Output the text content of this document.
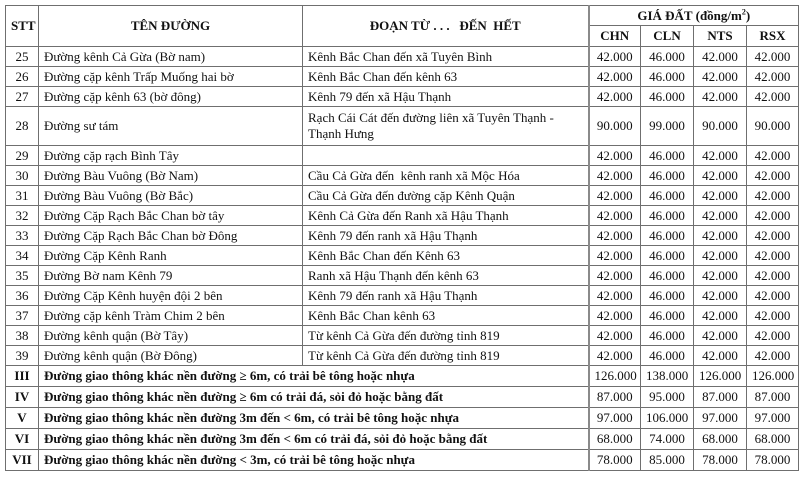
STT	TÊN ĐƯỜNG	ĐOẠN TỪ . . .   ĐẾN  HẾT	GIÁ ĐẤT $(đồng/m^2)$			
			CHN	CLN	NTS	RSX
25	Đường kênh Cả Gừa (Bờ nam)	Kênh Bắc Chan đến xã Tuyên Bình	42.000	46.000	42.000	42.000
26	Đường cặp kênh Trấp Muống hai bờ	Kênh Bắc Chan đến kênh 63	42.000	46.000	42.000	42.000
27	Đường cặp kênh 63 (bờ đông)	Kênh 79 đến xã Hậu Thạnh	42.000	46.000	42.000	42.000
28	Đường sư tám	Rạch Cái Cát đến đường liên xã Tuyên Thạnh - Thạnh Hưng	90.000	99.000	90.000	90.000
29	Đường cặp rạch Bình Tây		42.000	46.000	42.000	42.000
30	Đường Bàu Vuông (Bờ Nam)	Cầu Cả Gừa đến  kênh ranh xã Mộc Hóa	42.000	46.000	42.000	42.000
31	Đường Bàu Vuông (Bờ Bắc)	Cầu Cả Gừa đến đường cặp Kênh Quận	42.000	46.000	42.000	42.000
32	Đường Cặp Rạch Bắc Chan bờ tây	Kênh Cả Gừa đến Ranh xã Hậu Thạnh	42.000	46.000	42.000	42.000
33	Đường Cặp Rạch Bắc Chan bờ Đông	Kênh 79 đến ranh xã Hậu Thạnh	42.000	46.000	42.000	42.000
34	Đường Cặp Kênh Ranh	Kênh Bắc Chan đến Kênh 63	42.000	46.000	42.000	42.000
35	Đường Bờ nam Kênh 79	Ranh xã Hậu Thạnh đến kênh 63	42.000	46.000	42.000	42.000
36	Đường Cặp Kênh huyện đội 2 bên	Kênh 79 đến ranh xã Hậu Thạnh	42.000	46.000	42.000	42.000
37	Đường cặp kênh Tràm Chim 2 bên	Kênh Bắc Chan kênh 63	42.000	46.000	42.000	42.000
38	Đường kênh quận (Bờ Tây)	Từ kênh Cả Gừa đến đường tỉnh 819	42.000	46.000	42.000	42.000
39	Đường kênh quận (Bờ Đông)	Từ kênh Cả Gừa đến đường tỉnh 819	42.000	46.000	42.000	42.000
III	Đường giao thông khác nền đường ≥ 6m, có trải bê tông hoặc nhựa		126.000	138.000	126.000	126.000
IV	Đường giao thông khác nền đường ≥ 6m có trải đá, sỏi đỏ hoặc bằng đất		87.000	95.000	87.000	87.000
V	Đường giao thông khác nền đường 3m đến < 6m, có trải bê tông hoặc nhựa		97.000	106.000	97.000	97.000
VI	Đường giao thông khác nền đường 3m đến < 6m có trải đá, sỏi đỏ hoặc bằng đất		68.000	74.000	68.000	68.000
VII	Đường giao thông khác nền đường < 3m, có trải bê tông hoặc nhựa		78.000	85.000	78.000	78.000
